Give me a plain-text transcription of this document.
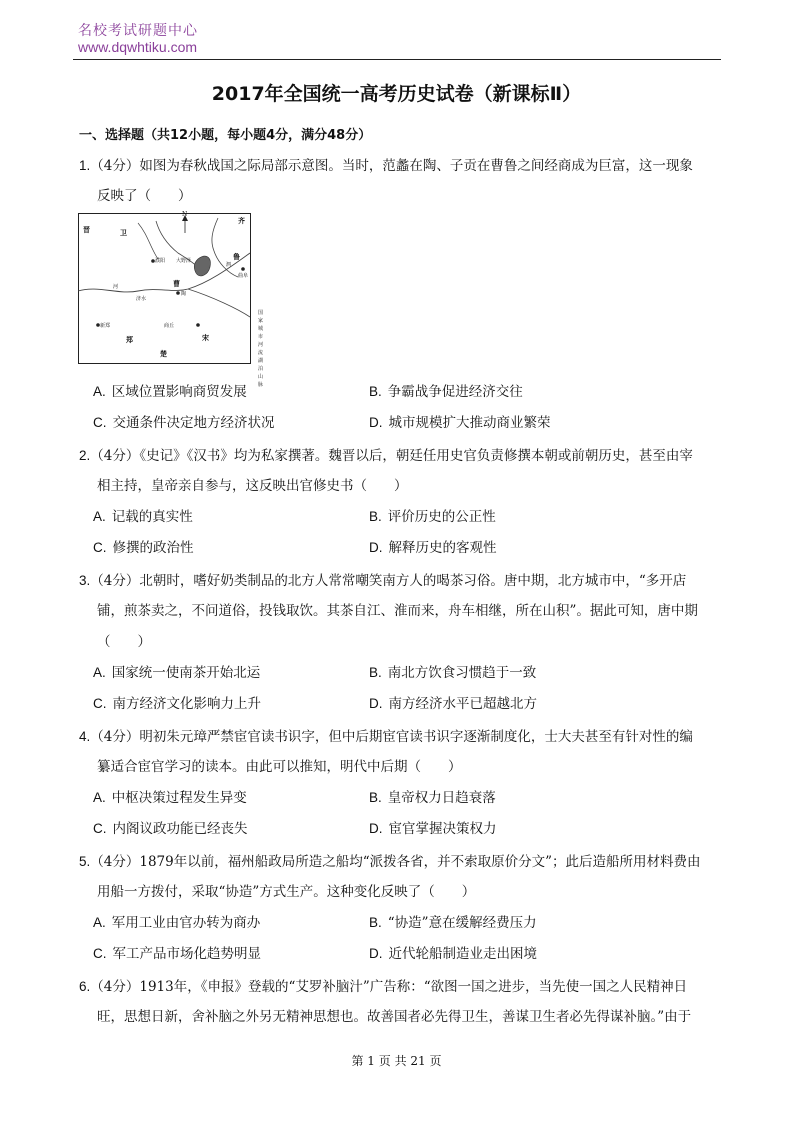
名校考试研题中心
www.dqwhtiku.com
2017年全国统一高考历史试卷（新课标Ⅱ）
一、选择题（共12小题，每小题4分，满分48分）
1.（4分）如图为春秋战国之际局部示意图。当时，范蠡在陶、子贡在曹鲁之间经商成为巨富，这一现象
反映了（　　）
晋	卫
齐
鲁
曹
宋
郑
楚
濮阳 大野泽
陶
曲阜
新郑	商丘
河
济水
泗
N
国家
城市
河流
湖泊
山脉
A. 区域位置影响商贸发展	B. 争霸战争促进经济交往
C. 交通条件决定地方经济状况	D. 城市规模扩大推动商业繁荣
2.（4分）《史记》《汉书》均为私家撰著。魏晋以后，朝廷任用史官负责修撰本朝或前朝历史，甚至由宰
相主持，皇帝亲自参与，这反映出官修史书（　　）
A. 记载的真实性	B. 评价历史的公正性
C. 修撰的政治性	D. 解释历史的客观性
3.（4分）北朝时，嗜好奶类制品的北方人常常嘲笑南方人的喝茶习俗。唐中期，北方城市中，“多开店
铺，煎茶卖之，不问道俗，投钱取饮。其茶自江、淮而来，舟车相继，所在山积”。据此可知，唐中期
（　　）
A. 国家统一使南茶开始北运	B. 南北方饮食习惯趋于一致
C. 南方经济文化影响力上升	D. 南方经济水平已超越北方
4.（4分）明初朱元璋严禁宦官读书识字，但中后期宦官读书识字逐渐制度化，士大夫甚至有针对性的编
纂适合宦官学习的读本。由此可以推知，明代中后期（　　）
A. 中枢决策过程发生异变	B. 皇帝权力日趋衰落
C. 内阁议政功能已经丧失	D. 宦官掌握决策权力
5.（4分）1879年以前，福州船政局所造之船均“派拨各省，并不索取原价分文”；此后造船所用材料费由
用船一方拨付，采取“协造”方式生产。这种变化反映了（　　）
A. 军用工业由官办转为商办	B. “协造”意在缓解经费压力
C. 军工产品市场化趋势明显	D. 近代轮船制造业走出困境
6.（4分）1913年，《申报》登载的“艾罗补脑汁”广告称：“欲图一国之进步，当先使一国之人民精神日
旺，思想日新，舍补脑之外另无精神思想也。故善国者必先得卫生，善谋卫生者必先得谋补脑。”由于
第 1 页 共 21 页
